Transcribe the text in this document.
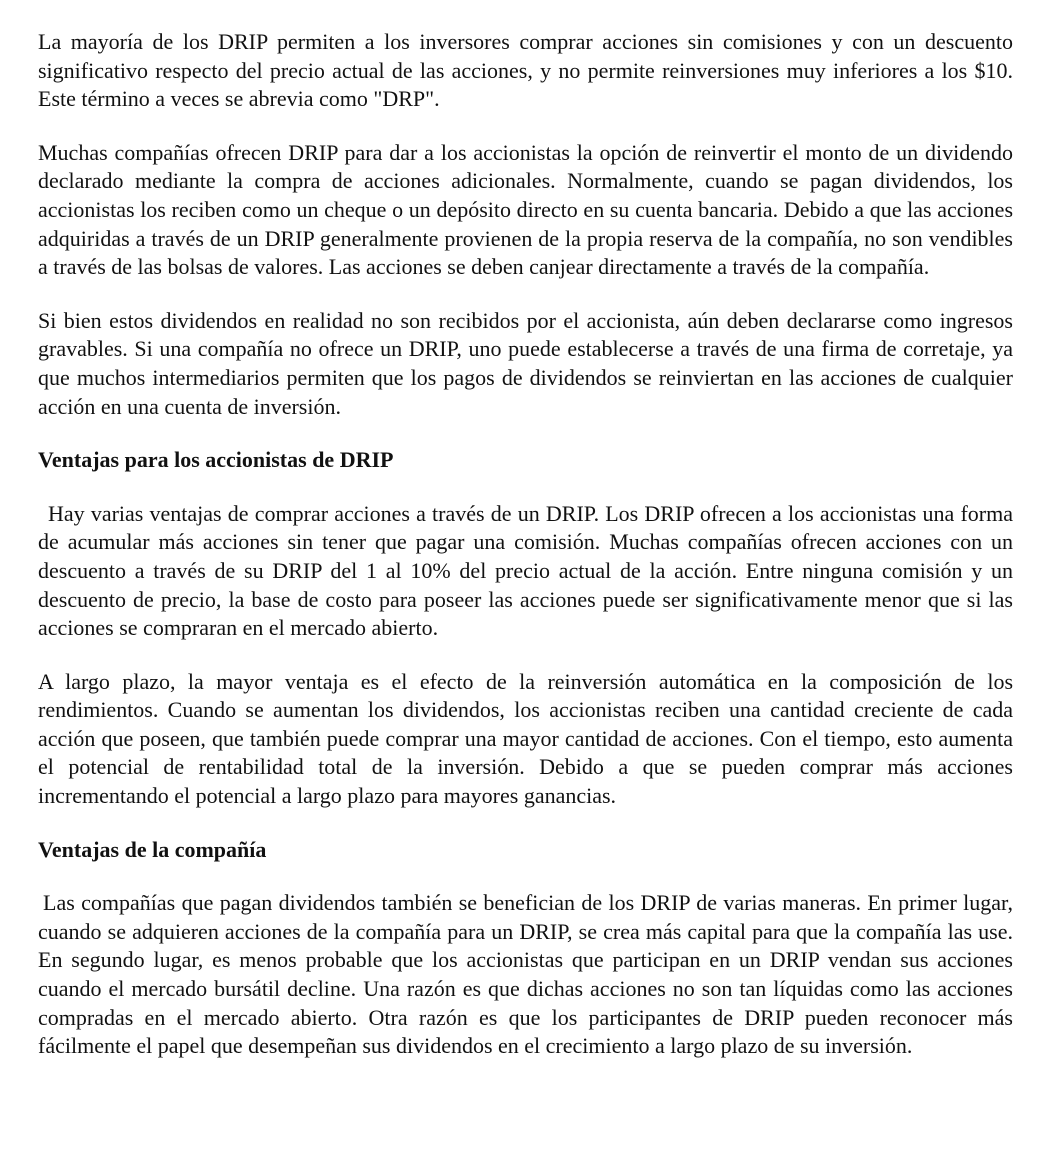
La mayoría de los DRIP permiten a los inversores comprar acciones sin comisiones y con un descuento significativo respecto del precio actual de las acciones, y no permite reinversiones muy inferiores a los $10. Este término a veces se abrevia como "DRP".

Muchas compañías ofrecen DRIP para dar a los accionistas la opción de reinvertir el monto de un dividendo declarado mediante la compra de acciones adicionales. Normalmente, cuando se pagan dividendos, los accionistas los reciben como un cheque o un depósito directo en su cuenta bancaria. Debido a que las acciones adquiridas a través de un DRIP generalmente provienen de la propia reserva de la compañía, no son vendibles a través de las bolsas de valores. Las acciones se deben canjear directamente a través de la compañía.

Si bien estos dividendos en realidad no son recibidos por el accionista, aún deben declararse como ingresos gravables. Si una compañía no ofrece un DRIP, uno puede establecerse a través de una firma de corretaje, ya que muchos intermediarios permiten que los pagos de dividendos se reinviertan en las acciones de cualquier acción en una cuenta de inversión.

Ventajas para los accionistas de DRIP

Hay varias ventajas de comprar acciones a través de un DRIP. Los DRIP ofrecen a los accionistas una forma de acumular más acciones sin tener que pagar una comisión. Muchas compañías ofrecen acciones con un descuento a través de su DRIP del 1 al 10% del precio actual de la acción. Entre ninguna comisión y un descuento de precio, la base de costo para poseer las acciones puede ser significativamente menor que si las acciones se compraran en el mercado abierto.

A largo plazo, la mayor ventaja es el efecto de la reinversión automática en la composición de los rendimientos. Cuando se aumentan los dividendos, los accionistas reciben una cantidad creciente de cada acción que poseen, que también puede comprar una mayor cantidad de acciones. Con el tiempo, esto aumenta el potencial de rentabilidad total de la inversión. Debido a que se pueden comprar más acciones incrementando el potencial a largo plazo para mayores ganancias.

Ventajas de la compañía

Las compañías que pagan dividendos también se benefician de los DRIP de varias maneras. En primer lugar, cuando se adquieren acciones de la compañía para un DRIP, se crea más capital para que la compañía las use. En segundo lugar, es menos probable que los accionistas que participan en un DRIP vendan sus acciones cuando el mercado bursátil decline. Una razón es que dichas acciones no son tan líquidas como las acciones compradas en el mercado abierto. Otra razón es que los participantes de DRIP pueden reconocer más fácilmente el papel que desempeñan sus dividendos en el crecimiento a largo plazo de su inversión.
